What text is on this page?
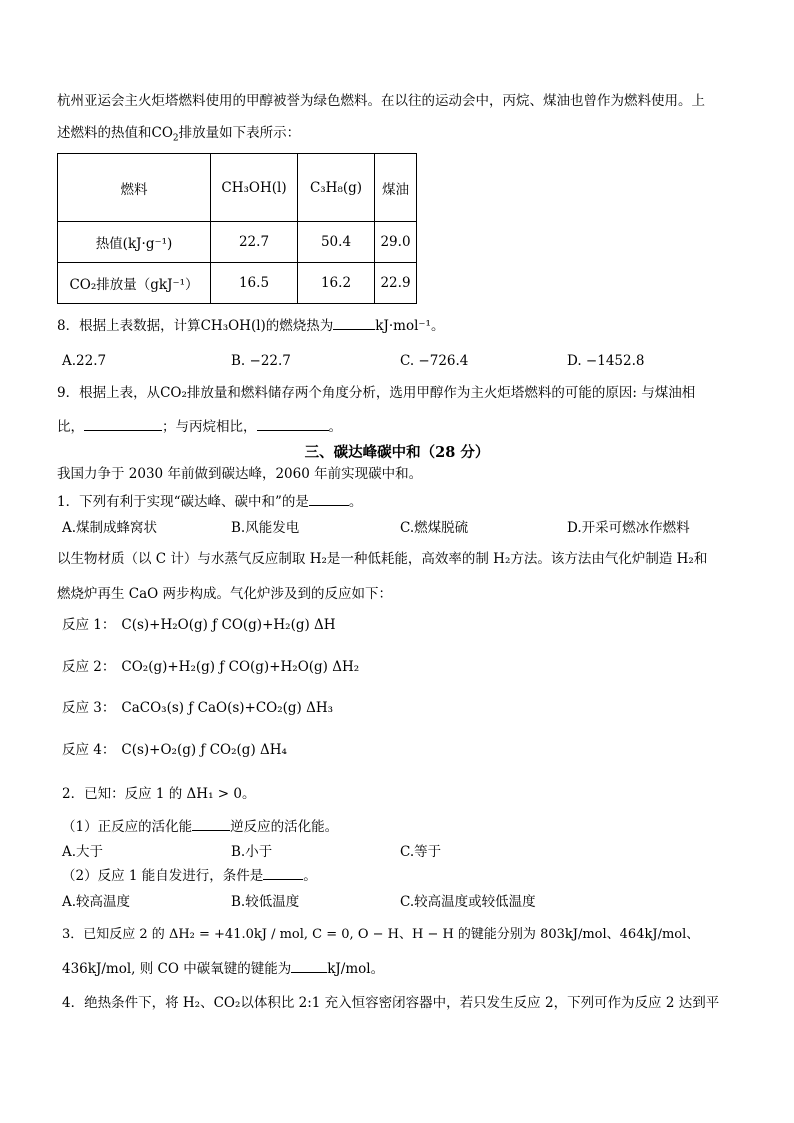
杭州亚运会主火炬塔燃料使用的甲醇被誉为绿色燃料。在以往的运动会中，丙烷、煤油也曾作为燃料使用。上
述燃料的热值和$CO_2$排放量如下表所示：
燃料	CH₃OH(l)	C₃H₈(g)	煤油
热值(kJ·g⁻¹)	22.7	50.4	29.0
CO₂排放量（gkJ⁻¹）	16.5	16.2	22.9
8．根据上表数据，计算CH₃OH(l)的燃烧热为	kJ·mol⁻¹。
A.22.7	B. −22.7	C. −726.4	D. −1452.8
9．根据上表，从CO₂排放量和燃料储存两个角度分析，选用甲醇作为主火炬塔燃料的可能的原因: 与煤油相
比，	；与丙烷相比，	。
三、碳达峰碳中和（28 分）
我国力争于 2030 年前做到碳达峰，2060 年前实现碳中和。
1．下列有利于实现“碳达峰、碳中和”的是	。
A.煤制成蜂窝状	B.风能发电	C.燃煤脱硫	D.开采可燃冰作燃料
以生物材质（以 C 计）与水蒸气反应制取 H₂是一种低耗能，高效率的制 H₂方法。该方法由气化炉制造 H₂和
燃烧炉再生 CaO 两步构成。气化炉涉及到的反应如下：
反应 1： C(s)+H₂O(g) ƒ CO(g)+H₂(g) ΔH
反应 2： CO₂(g)+H₂(g) ƒ CO(g)+H₂O(g) ΔH₂
反应 3： CaCO₃(s) ƒ CaO(s)+CO₂(g) ΔH₃
反应 4： C(s)+O₂(g) ƒ CO₂(g) ΔH₄
2．已知：反应 1 的 ΔH₁ > 0。
（1）正反应的活化能	逆反应的活化能。
A.大于	B.小于	C.等于
（2）反应 1 能自发进行，条件是	。
A.较高温度	B.较低温度	C.较高温度或较低温度
3．已知反应 2 的 ΔH₂ = +41.0kJ / mol, C = 0, O − H、H − H 的键能分别为 803kJ/mol、464kJ/mol、
436kJ/mol, 则 CO 中碳氧键的键能为	kJ/mol。
4．绝热条件下，将 H₂、CO₂以体积比 2:1 充入恒容密闭容器中，若只发生反应 2，下列可作为反应 2 达到平
